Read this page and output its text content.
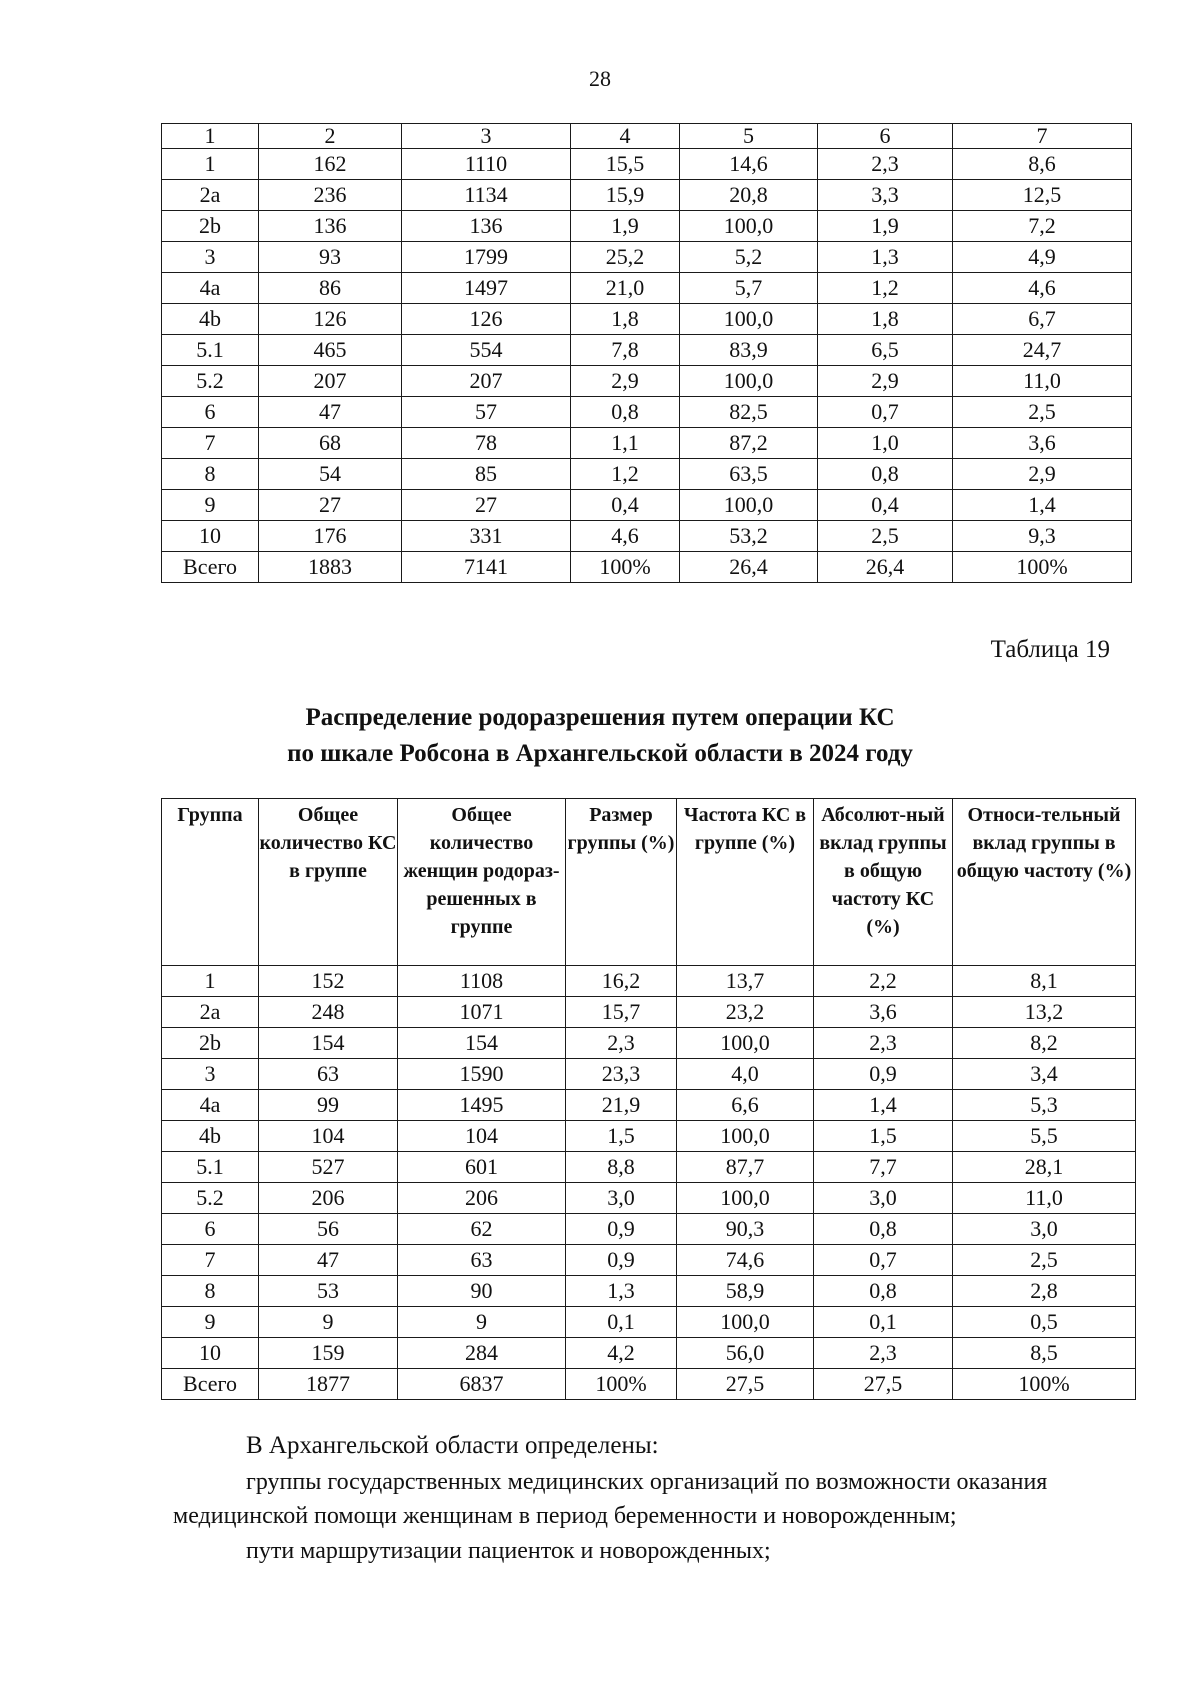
28
1	2	3	4	5	6	7
1	162	1110	15,5	14,6	2,3	8,6
2a	236	1134	15,9	20,8	3,3	12,5
2b	136	136	1,9	100,0	1,9	7,2
3	93	1799	25,2	5,2	1,3	4,9
4a	86	1497	21,0	5,7	1,2	4,6
4b	126	126	1,8	100,0	1,8	6,7
5.1	465	554	7,8	83,9	6,5	24,7
5.2	207	207	2,9	100,0	2,9	11,0
6	47	57	0,8	82,5	0,7	2,5
7	68	78	1,1	87,2	1,0	3,6
8	54	85	1,2	63,5	0,8	2,9
9	27	27	0,4	100,0	0,4	1,4
10	176	331	4,6	53,2	2,5	9,3
Всего	1883	7141	100%	26,4	26,4	100%
Таблица 19
Распределение родоразрешения путем операции КС
по шкале Робсона в Архангельской области в 2024 году
Группа	Общее количество КС в группе	Общее количество женщин родораз-решенных в группе	Размер группы (%)	Частота КС в группе (%)	Абсолют-ный вклад группы в общую частоту КС (%)	Относи-тельный вклад группы в общую частоту (%)
1	152	1108	16,2	13,7	2,2	8,1
2a	248	1071	15,7	23,2	3,6	13,2
2b	154	154	2,3	100,0	2,3	8,2
3	63	1590	23,3	4,0	0,9	3,4
4a	99	1495	21,9	6,6	1,4	5,3
4b	104	104	1,5	100,0	1,5	5,5
5.1	527	601	8,8	87,7	7,7	28,1
5.2	206	206	3,0	100,0	3,0	11,0
6	56	62	0,9	90,3	0,8	3,0
7	47	63	0,9	74,6	0,7	2,5
8	53	90	1,3	58,9	0,8	2,8
9	9	9	0,1	100,0	0,1	0,5
10	159	284	4,2	56,0	2,3	8,5
Всего	1877	6837	100%	27,5	27,5	100%
В Архангельской области определены:
группы государственных медицинских организаций по возможности оказания
медицинской помощи женщинам в период беременности и новорожденным;
пути маршрутизации пациенток и новорожденных;
